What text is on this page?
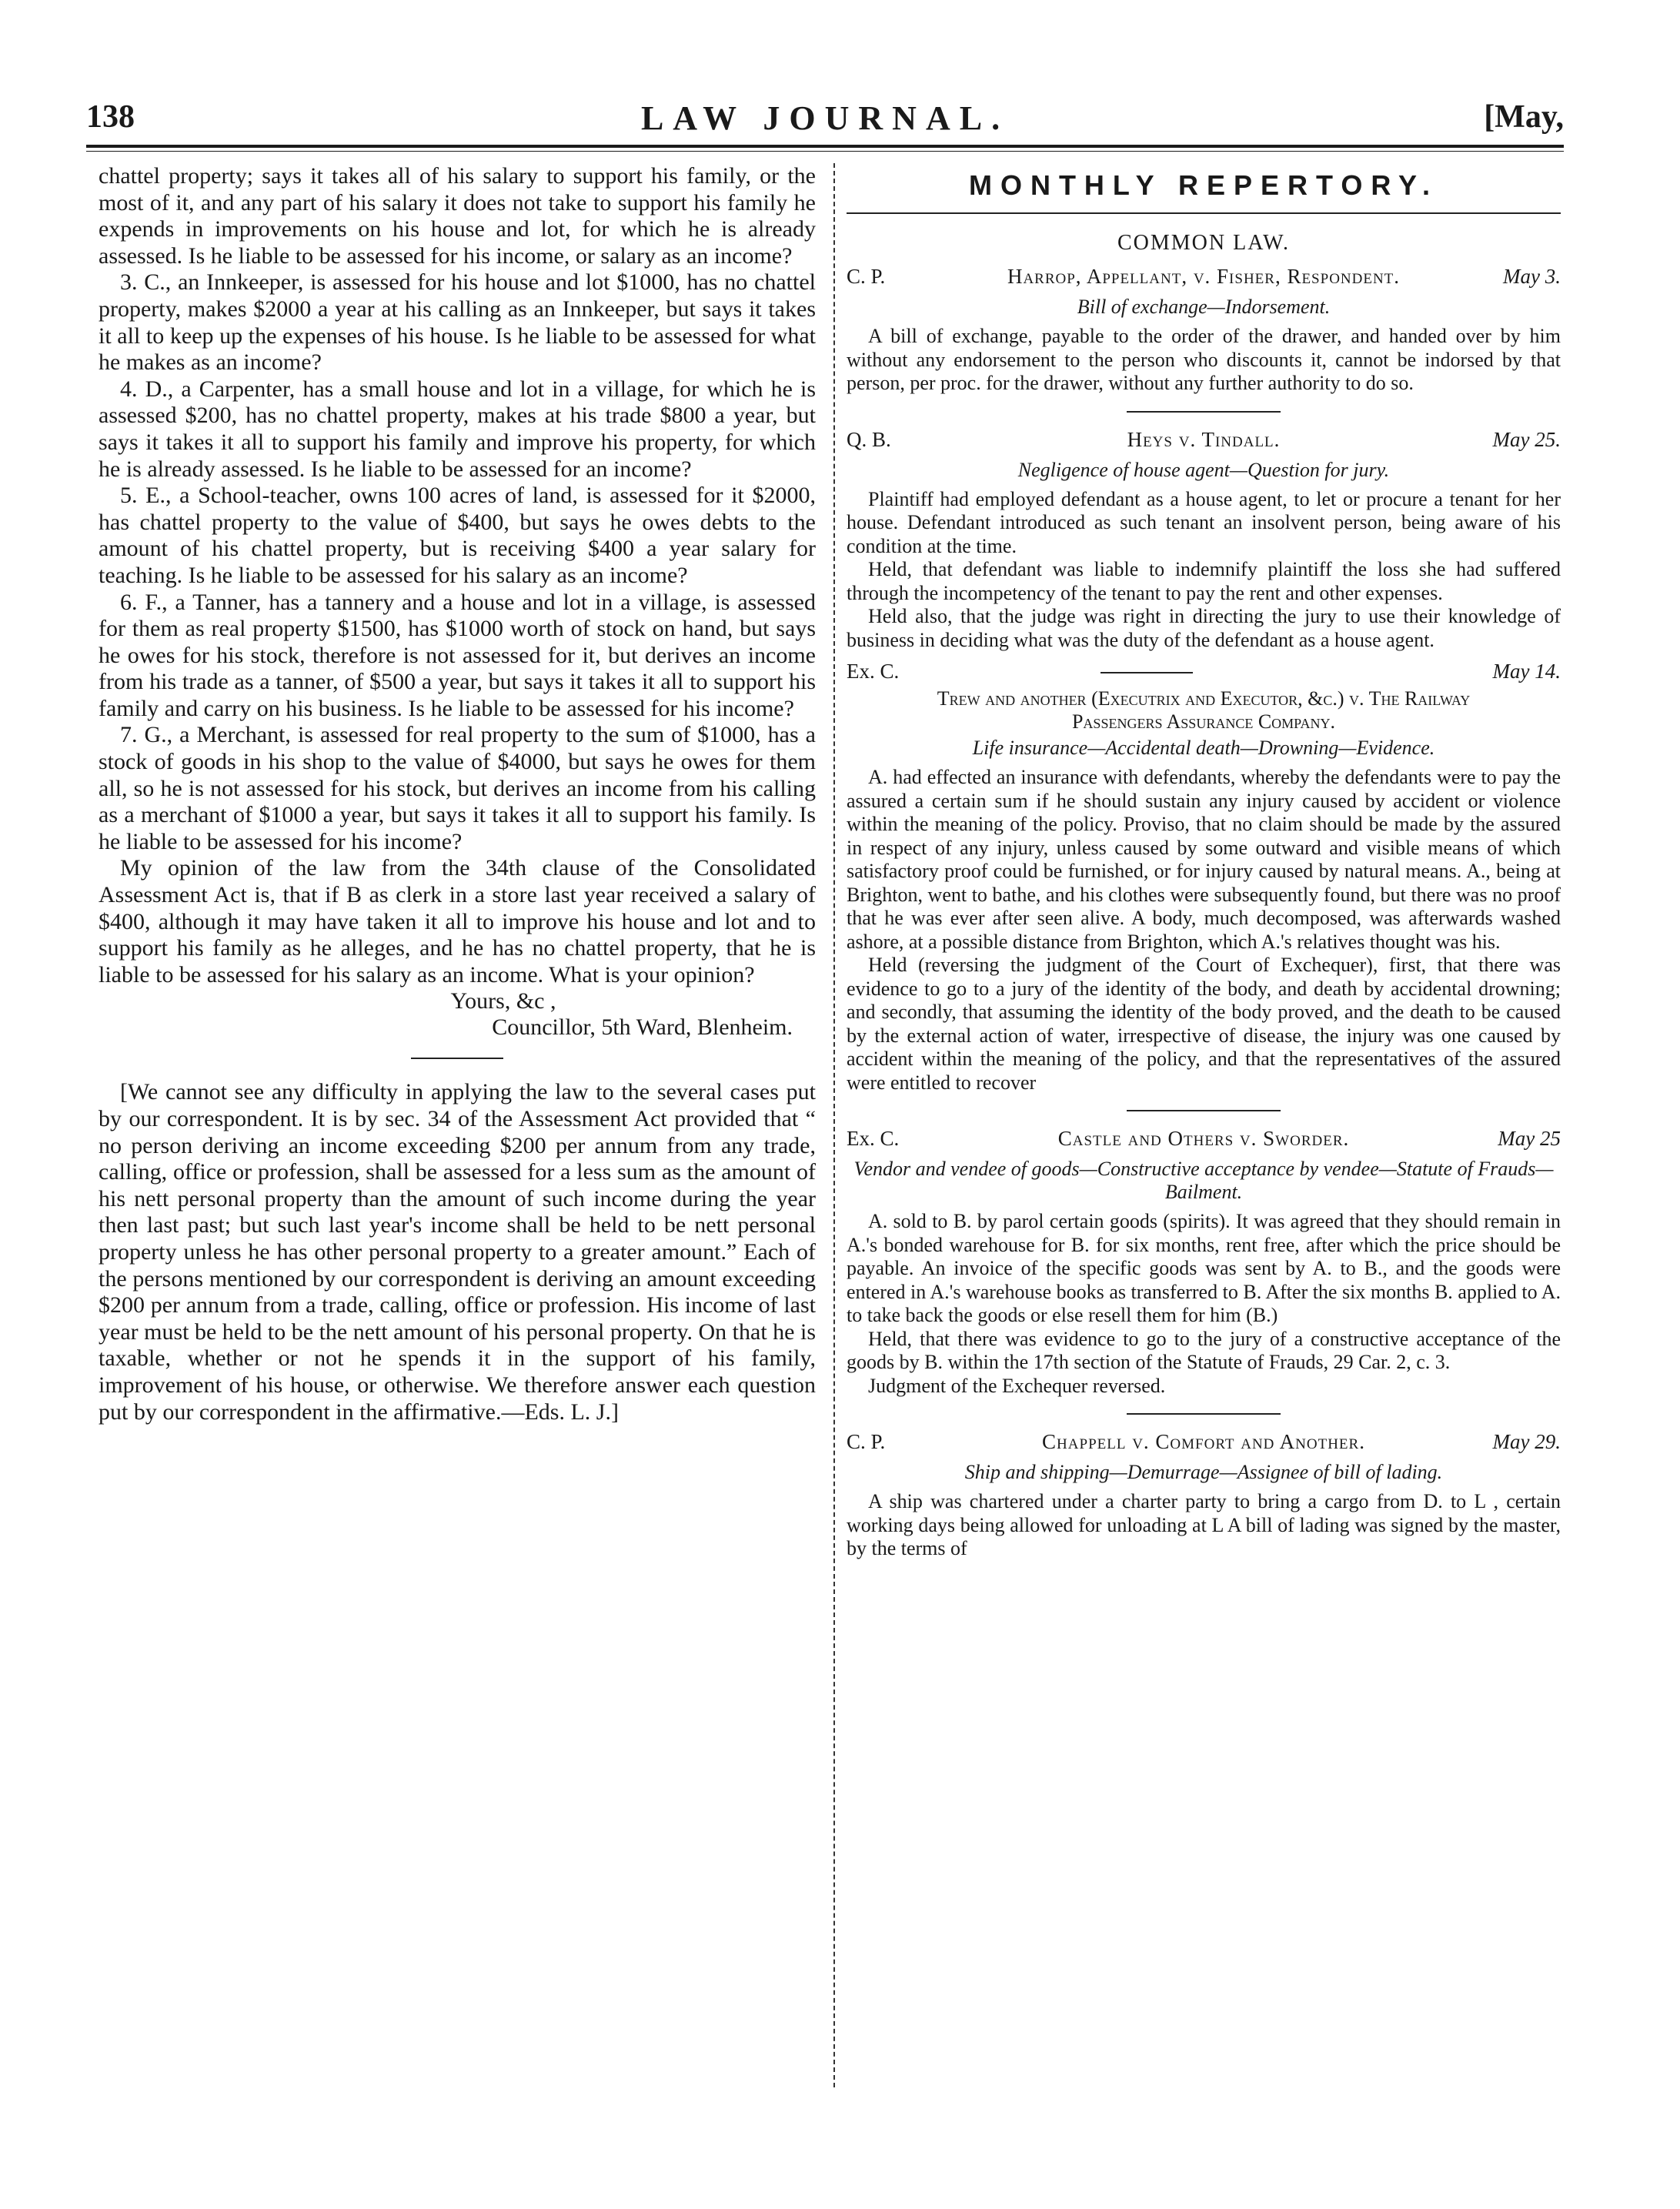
138	LAW JOURNAL.	[May,

chattel property; says it takes all of his salary to support his family, or the most of it, and any part of his salary it does not take to support his family he expends in improvements on his house and lot, for which he is already assessed. Is he liable to be assessed for his income, or salary as an income?

3. C., an Innkeeper, is assessed for his house and lot $1000, has no chattel property, makes $2000 a year at his calling as an Innkeeper, but says it takes it all to keep up the expenses of his house. Is he liable to be assessed for what he makes as an income?

4. D., a Carpenter, has a small house and lot in a village, for which he is assessed $200, has no chattel property, makes at his trade $800 a year, but says it takes it all to support his family and improve his property, for which he is already assessed. Is he liable to be assessed for an income?

5. E., a School-teacher, owns 100 acres of land, is assessed for it $2000, has chattel property to the value of $400, but says he owes debts to the amount of his chattel property, but is receiving $400 a year salary for teaching. Is he liable to be assessed for his salary as an income?

6. F., a Tanner, has a tannery and a house and lot in a village, is assessed for them as real property $1500, has $1000 worth of stock on hand, but says he owes for his stock, therefore is not assessed for it, but derives an income from his trade as a tanner, of $500 a year, but says it takes it all to support his family and carry on his business. Is he liable to be assessed for his income?

7. G., a Merchant, is assessed for real property to the sum of $1000, has a stock of goods in his shop to the value of $4000, but says he owes for them all, so he is not assessed for his stock, but derives an income from his calling as a merchant of $1000 a year, but says it takes it all to support his family. Is he liable to be assessed for his income?

My opinion of the law from the 34th clause of the Consolidated Assessment Act is, that if B as clerk in a store last year received a salary of $400, although it may have taken it all to improve his house and lot and to support his family as he alleges, and he has no chattel property, that he is liable to be assessed for his salary as an income. What is your opinion?

Yours, &c ,

Councillor, 5th Ward, Blenheim.

[We cannot see any difficulty in applying the law to the several cases put by our correspondent. It is by sec. 34 of the Assessment Act provided that “ no person deriving an income exceeding $200 per annum from any trade, calling, office or profession, shall be assessed for a less sum as the amount of his nett personal property than the amount of such income during the year then last past; but such last year's income shall be held to be nett personal property unless he has other personal property to a greater amount.” Each of the persons mentioned by our correspondent is deriving an amount exceeding $200 per annum from a trade, calling, office or profession. His income of last year must be held to be the nett amount of his personal property. On that he is taxable, whether or not he spends it in the support of his family, improvement of his house, or otherwise. We therefore answer each question put by our correspondent in the affirmative.—Eds. L. J.]

MONTHLY REPERTORY.
COMMON LAW.
C. P.	Harrop, Appellant, v. Fisher, Respondent.	May 3.
Bill of exchange—Indorsement.

A bill of exchange, payable to the order of the drawer, and handed over by him without any endorsement to the person who discounts it, cannot be indorsed by that person, per proc. for the drawer, without any further authority to do so.

Q. B.	Heys v. Tindall.	May 25.
Negligence of house agent—Question for jury.

Plaintiff had employed defendant as a house agent, to let or procure a tenant for her house. Defendant introduced as such tenant an insolvent person, being aware of his condition at the time.

Held, that defendant was liable to indemnify plaintiff the loss she had suffered through the incompetency of the tenant to pay the rent and other expenses.

Held also, that the judge was right in directing the jury to use their knowledge of business in deciding what was the duty of the defendant as a house agent.

Ex. C.	May 14.

Trew and another (Executrix and Executor, &c.) v. The Railway

Passengers Assurance Company.

Life insurance—Accidental death—Drowning—Evidence.

A. had effected an insurance with defendants, whereby the defendants were to pay the assured a certain sum if he should sustain any injury caused by accident or violence within the meaning of the policy. Proviso, that no claim should be made by the assured in respect of any injury, unless caused by some outward and visible means of which satisfactory proof could be furnished, or for injury caused by natural means. A., being at Brighton, went to bathe, and his clothes were subsequently found, but there was no proof that he was ever after seen alive. A body, much decomposed, was afterwards washed ashore, at a possible distance from Brighton, which A.'s relatives thought was his.

Held (reversing the judgment of the Court of Exchequer), first, that there was evidence to go to a jury of the identity of the body, and death by accidental drowning; and secondly, that assuming the identity of the body proved, and the death to be caused by the external action of water, irrespective of disease, the injury was one caused by accident within the meaning of the policy, and that the representatives of the assured were entitled to recover

Ex. C.	Castle and Others v. Sworder.	May 25
Vendor and vendee of goods—Constructive acceptance by vendee—Statute of Frauds—Bailment.

A. sold to B. by parol certain goods (spirits). It was agreed that they should remain in A.'s bonded warehouse for B. for six months, rent free, after which the price should be payable. An invoice of the specific goods was sent by A. to B., and the goods were entered in A.'s warehouse books as transferred to B. After the six months B. applied to A. to take back the goods or else resell them for him (B.)

Held, that there was evidence to go to the jury of a constructive acceptance of the goods by B. within the 17th section of the Statute of Frauds, 29 Car. 2, c. 3.

Judgment of the Exchequer reversed.

C. P.	Chappell v. Comfort and Another.	May 29.
Ship and shipping—Demurrage—Assignee of bill of lading.

A ship was chartered under a charter party to bring a cargo from D. to L , certain working days being allowed for unloading at L A bill of lading was signed by the master, by the terms of
